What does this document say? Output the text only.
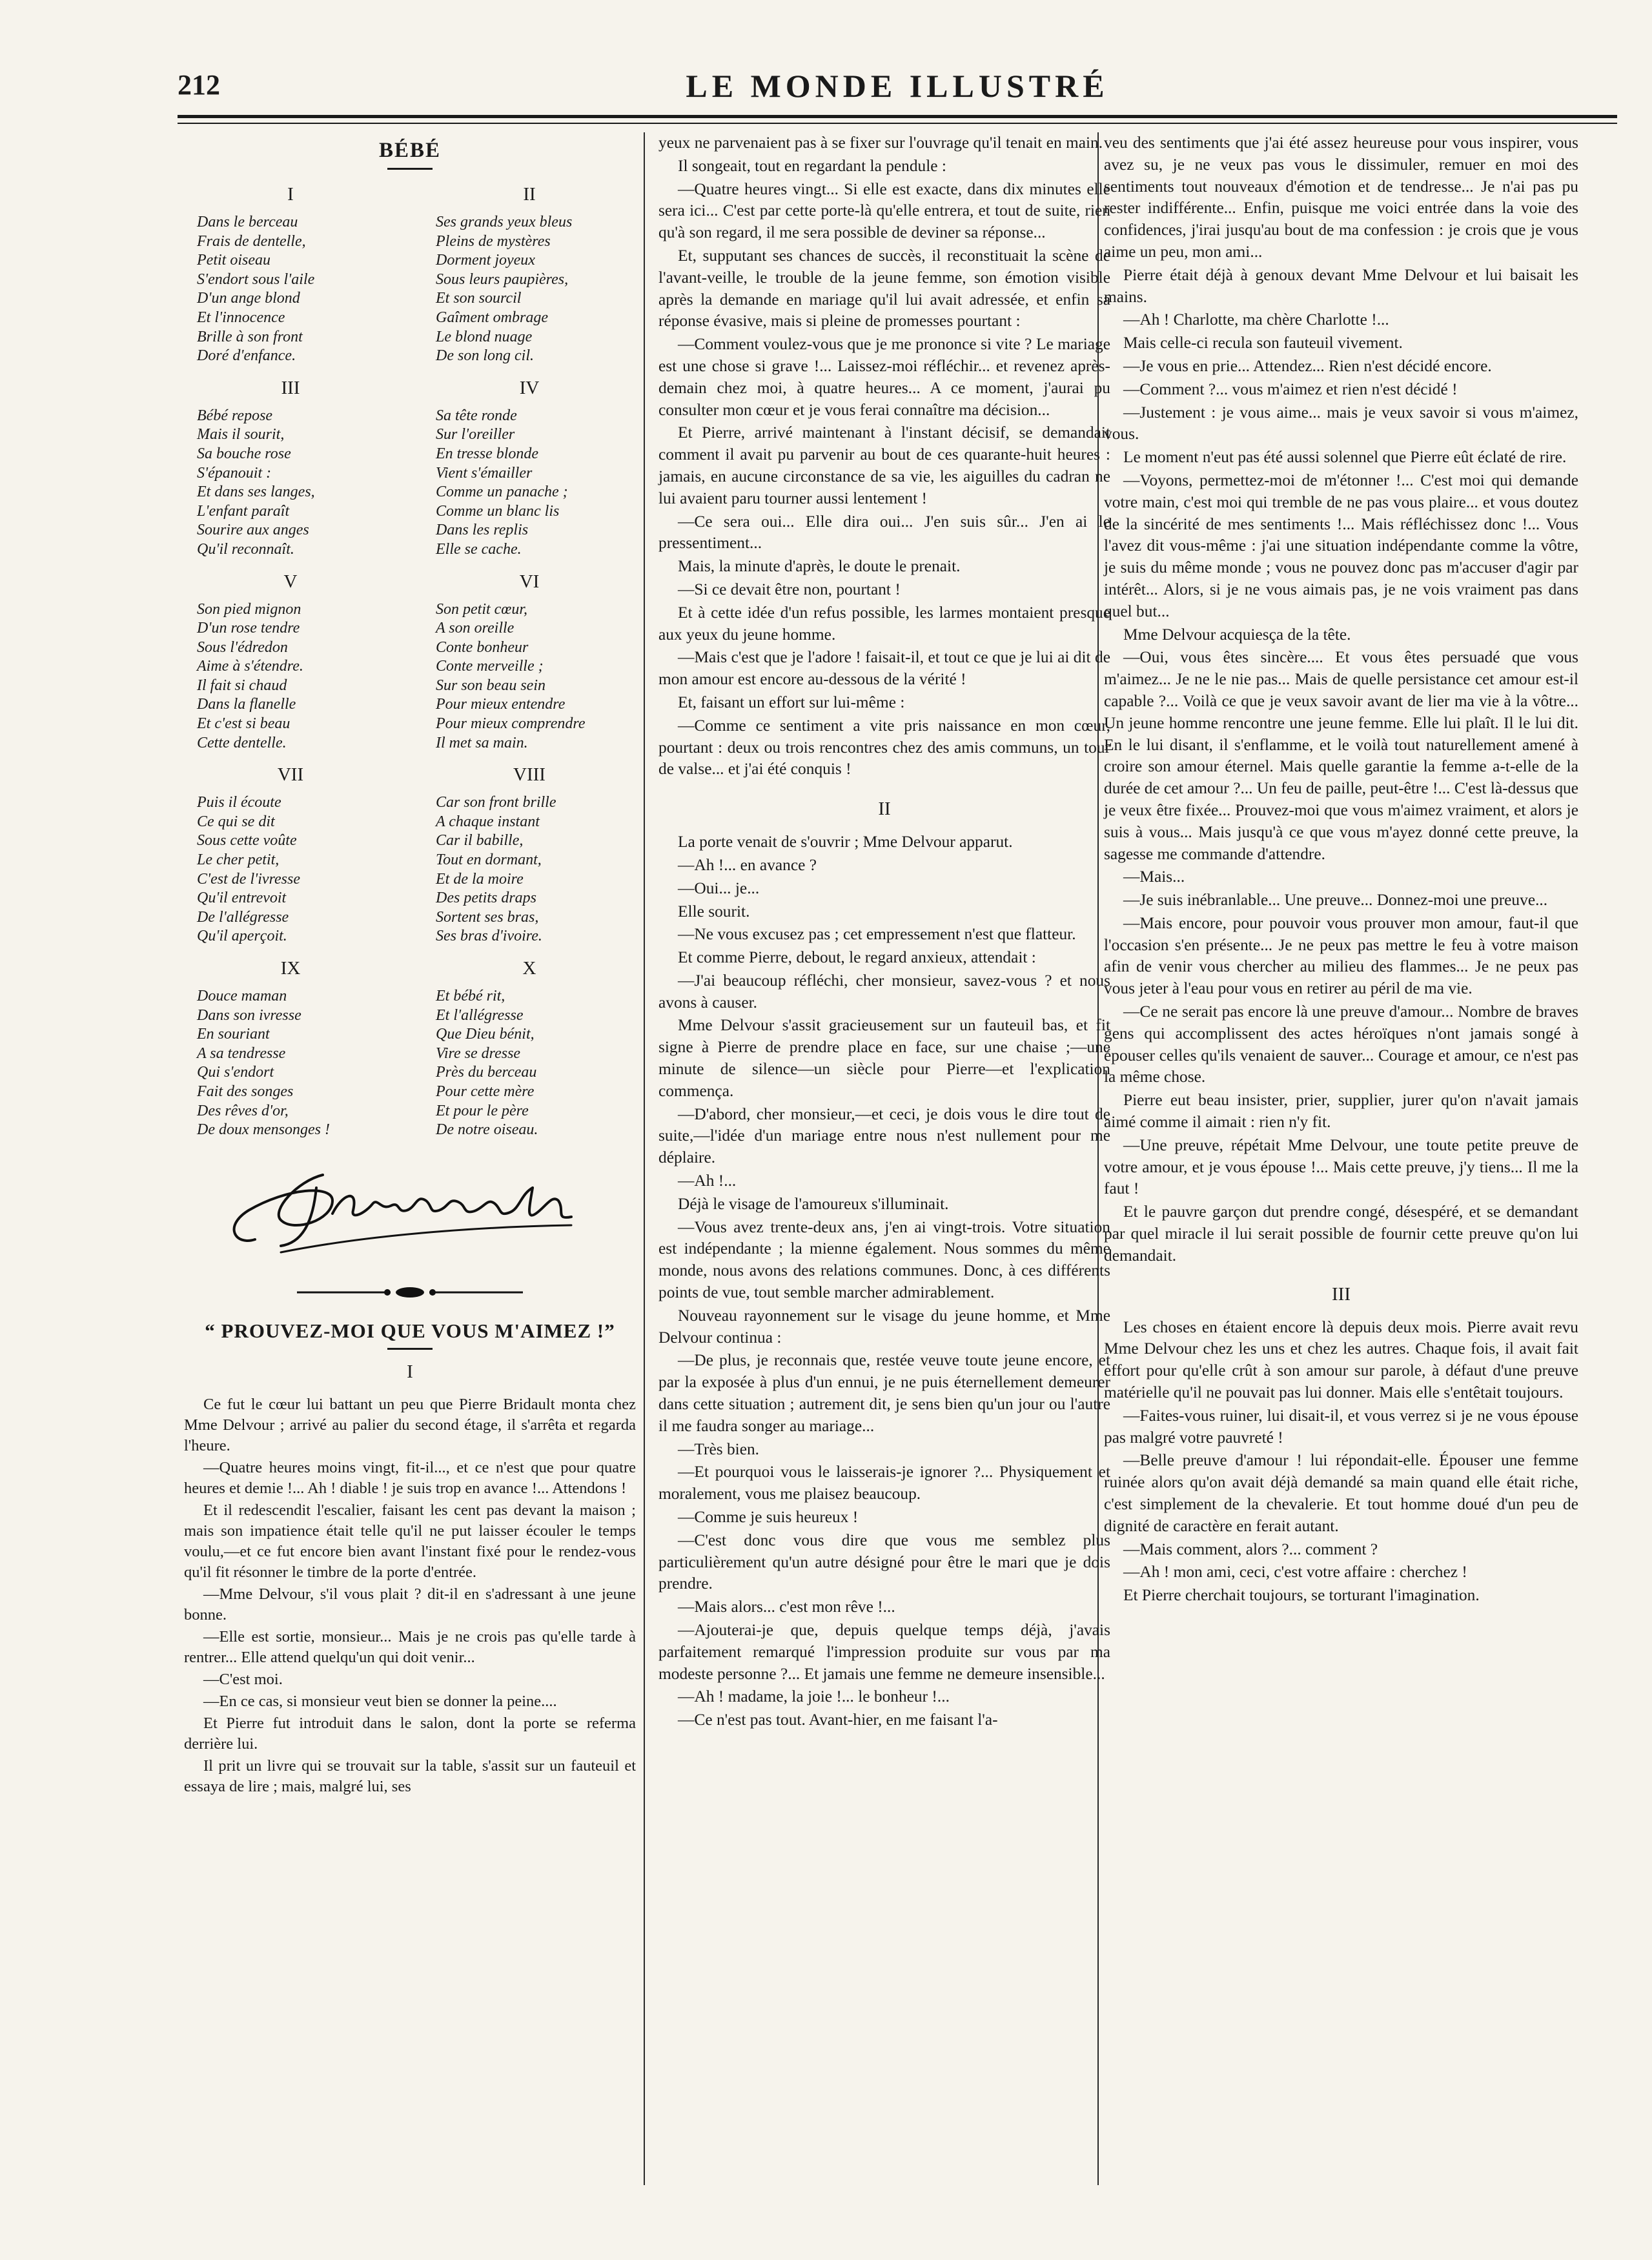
212	LE MONDE ILLUSTRÉ
BÉBÉ
I
Dans le berceau
Frais de dentelle,
Petit oiseau
S'endort sous l'aile
D'un ange blond
Et l'innocence
Brille à son front
Doré d'enfance.
II
Ses grands yeux bleus
Pleins de mystères
Dorment joyeux
Sous leurs paupières,
Et son sourcil
Gaîment ombrage
Le blond nuage
De son long cil.
III
Bébé repose
Mais il sourit,
Sa bouche rose
S'épanouit :
Et dans ses langes,
L'enfant paraît
Sourire aux anges
Qu'il reconnaît.
IV
Sa tête ronde
Sur l'oreiller
En tresse blonde
Vient s'émailler
Comme un panache ;
Comme un blanc lis
Dans les replis
Elle se cache.
V
Son pied mignon
D'un rose tendre
Sous l'édredon
Aime à s'étendre.
Il fait si chaud
Dans la flanelle
Et c'est si beau
Cette dentelle.
VI
Son petit cœur,
A son oreille
Conte bonheur
Conte merveille ;
Sur son beau sein
Pour mieux entendre
Pour mieux comprendre
Il met sa main.
VII
Puis il écoute
Ce qui se dit
Sous cette voûte
Le cher petit,
C'est de l'ivresse
Qu'il entrevoit
De l'allégresse
Qu'il aperçoit.
VIII
Car son front brille
A chaque instant
Car il babille,
Tout en dormant,
Et de la moire
Des petits draps
Sortent ses bras,
Ses bras d'ivoire.
IX
Douce maman
Dans son ivresse
En souriant
A sa tendresse
Qui s'endort
Fait des songes
Des rêves d'or,
De doux mensonges !
X
Et bébé rit,
Et l'allégresse
Que Dieu bénit,
Vire se dresse
Près du berceau
Pour cette mère
Et pour le père
De notre oiseau.
“ PROUVEZ-MOI QUE VOUS M'AIMEZ !”
I

Ce fut le cœur lui battant un peu que Pierre Bridault monta chez Mme Delvour ; arrivé au palier du second étage, il s'arrêta et regarda l'heure.

—Quatre heures moins vingt, fit-il..., et ce n'est que pour quatre heures et demie !... Ah ! diable ! je suis trop en avance !... Attendons !

Et il redescendit l'escalier, faisant les cent pas devant la maison ; mais son impatience était telle qu'il ne put laisser écouler le temps voulu,—et ce fut encore bien avant l'instant fixé pour le rendez-vous qu'il fit résonner le timbre de la porte d'entrée.

—Mme Delvour, s'il vous plait ? dit-il en s'adressant à une jeune bonne.

—Elle est sortie, monsieur... Mais je ne crois pas qu'elle tarde à rentrer... Elle attend quelqu'un qui doit venir...

—C'est moi.

—En ce cas, si monsieur veut bien se donner la peine....

Et Pierre fut introduit dans le salon, dont la porte se referma derrière lui.

Il prit un livre qui se trouvait sur la table, s'assit sur un fauteuil et essaya de lire ; mais, malgré lui, ses

yeux ne parvenaient pas à se fixer sur l'ouvrage qu'il tenait en main.

Il songeait, tout en regardant la pendule :

—Quatre heures vingt... Si elle est exacte, dans dix minutes elle sera ici... C'est par cette porte-là qu'elle entrera, et tout de suite, rien qu'à son regard, il me sera possible de deviner sa réponse...

Et, supputant ses chances de succès, il reconstituait la scène de l'avant-veille, le trouble de la jeune femme, son émotion visible après la demande en mariage qu'il lui avait adressée, et enfin sa réponse évasive, mais si pleine de promesses pourtant :

—Comment voulez-vous que je me prononce si vite ? Le mariage est une chose si grave !... Laissez-moi réfléchir... et revenez après-demain chez moi, à quatre heures... A ce moment, j'aurai pu consulter mon cœur et je vous ferai connaître ma décision...

Et Pierre, arrivé maintenant à l'instant décisif, se demandait comment il avait pu parvenir au bout de ces quarante-huit heures : jamais, en aucune circonstance de sa vie, les aiguilles du cadran ne lui avaient paru tourner aussi lentement !

—Ce sera oui... Elle dira oui... J'en suis sûr... J'en ai le pressentiment...

Mais, la minute d'après, le doute le prenait.

—Si ce devait être non, pourtant !

Et à cette idée d'un refus possible, les larmes montaient presque aux yeux du jeune homme.

—Mais c'est que je l'adore ! faisait-il, et tout ce que je lui ai dit de mon amour est encore au-dessous de la vérité !

Et, faisant un effort sur lui-même :

—Comme ce sentiment a vite pris naissance en mon cœur, pourtant : deux ou trois rencontres chez des amis communs, un tour de valse... et j'ai été conquis !

II

La porte venait de s'ouvrir ; Mme Delvour apparut.

—Ah !... en avance ?

—Oui... je...

Elle sourit.

—Ne vous excusez pas ; cet empressement n'est que flatteur.

Et comme Pierre, debout, le regard anxieux, attendait :

—J'ai beaucoup réfléchi, cher monsieur, savez-vous ? et nous avons à causer.

Mme Delvour s'assit gracieusement sur un fauteuil bas, et fit signe à Pierre de prendre place en face, sur une chaise ;—une minute de silence—un siècle pour Pierre—et l'explication commença.

—D'abord, cher monsieur,—et ceci, je dois vous le dire tout de suite,—l'idée d'un mariage entre nous n'est nullement pour me déplaire.

—Ah !...

Déjà le visage de l'amoureux s'illuminait.

—Vous avez trente-deux ans, j'en ai vingt-trois. Votre situation est indépendante ; la mienne également. Nous sommes du même monde, nous avons des relations communes. Donc, à ces différents points de vue, tout semble marcher admirablement.

Nouveau rayonnement sur le visage du jeune homme, et Mme Delvour continua :

—De plus, je reconnais que, restée veuve toute jeune encore, et par la exposée à plus d'un ennui, je ne puis éternellement demeurer dans cette situation ; autrement dit, je sens bien qu'un jour ou l'autre il me faudra songer au mariage...

—Très bien.

—Et pourquoi vous le laisserais-je ignorer ?... Physiquement et moralement, vous me plaisez beaucoup.

—Comme je suis heureux !

—C'est donc vous dire que vous me semblez plus particulièrement qu'un autre désigné pour être le mari que je dois prendre.

—Mais alors... c'est mon rêve !...

—Ajouterai-je que, depuis quelque temps déjà, j'avais parfaitement remarqué l'impression produite sur vous par ma modeste personne ?... Et jamais une femme ne demeure insensible...

—Ah ! madame, la joie !... le bonheur !...

—Ce n'est pas tout. Avant-hier, en me faisant l'a-

veu des sentiments que j'ai été assez heureuse pour vous inspirer, vous avez su, je ne veux pas vous le dissimuler, remuer en moi des sentiments tout nouveaux d'émotion et de tendresse... Je n'ai pas pu rester indifférente... Enfin, puisque me voici entrée dans la voie des confidences, j'irai jusqu'au bout de ma confession : je crois que je vous aime un peu, mon ami...

Pierre était déjà à genoux devant Mme Delvour et lui baisait les mains.

—Ah ! Charlotte, ma chère Charlotte !...

Mais celle-ci recula son fauteuil vivement.

—Je vous en prie... Attendez... Rien n'est décidé encore.

—Comment ?... vous m'aimez et rien n'est décidé !

—Justement : je vous aime... mais je veux savoir si vous m'aimez, vous.

Le moment n'eut pas été aussi solennel que Pierre eût éclaté de rire.

—Voyons, permettez-moi de m'étonner !... C'est moi qui demande votre main, c'est moi qui tremble de ne pas vous plaire... et vous doutez de la sincérité de mes sentiments !... Mais réfléchissez donc !... Vous l'avez dit vous-même : j'ai une situation indépendante comme la vôtre, je suis du même monde ; vous ne pouvez donc pas m'accuser d'agir par intérêt... Alors, si je ne vous aimais pas, je ne vois vraiment pas dans quel but...

Mme Delvour acquiesça de la tête.

—Oui, vous êtes sincère.... Et vous êtes persuadé que vous m'aimez... Je ne le nie pas... Mais de quelle persistance cet amour est-il capable ?... Voilà ce que je veux savoir avant de lier ma vie à la vôtre... Un jeune homme rencontre une jeune femme. Elle lui plaît. Il le lui dit. En le lui disant, il s'enflamme, et le voilà tout naturellement amené à croire son amour éternel. Mais quelle garantie la femme a-t-elle de la durée de cet amour ?... Un feu de paille, peut-être !... C'est là-dessus que je veux être fixée... Prouvez-moi que vous m'aimez vraiment, et alors je suis à vous... Mais jusqu'à ce que vous m'ayez donné cette preuve, la sagesse me commande d'attendre.

—Mais...

—Je suis inébranlable... Une preuve... Donnez-moi une preuve...

—Mais encore, pour pouvoir vous prouver mon amour, faut-il que l'occasion s'en présente... Je ne peux pas mettre le feu à votre maison afin de venir vous chercher au milieu des flammes... Je ne peux pas vous jeter à l'eau pour vous en retirer au péril de ma vie.

—Ce ne serait pas encore là une preuve d'amour... Nombre de braves gens qui accomplissent des actes héroïques n'ont jamais songé à épouser celles qu'ils venaient de sauver... Courage et amour, ce n'est pas la même chose.

Pierre eut beau insister, prier, supplier, jurer qu'on n'avait jamais aimé comme il aimait : rien n'y fit.

—Une preuve, répétait Mme Delvour, une toute petite preuve de votre amour, et je vous épouse !... Mais cette preuve, j'y tiens... Il me la faut !

Et le pauvre garçon dut prendre congé, désespéré, et se demandant par quel miracle il lui serait possible de fournir cette preuve qu'on lui demandait.

III

Les choses en étaient encore là depuis deux mois. Pierre avait revu Mme Delvour chez les uns et chez les autres. Chaque fois, il avait fait effort pour qu'elle crût à son amour sur parole, à défaut d'une preuve matérielle qu'il ne pouvait pas lui donner. Mais elle s'entêtait toujours.

—Faites-vous ruiner, lui disait-il, et vous verrez si je ne vous épouse pas malgré votre pauvreté !

—Belle preuve d'amour ! lui répondait-elle. Épouser une femme ruinée alors qu'on avait déjà demandé sa main quand elle était riche, c'est simplement de la chevalerie. Et tout homme doué d'un peu de dignité de caractère en ferait autant.

—Mais comment, alors ?... comment ?

—Ah ! mon ami, ceci, c'est votre affaire : cherchez !

Et Pierre cherchait toujours, se torturant l'imagination.
